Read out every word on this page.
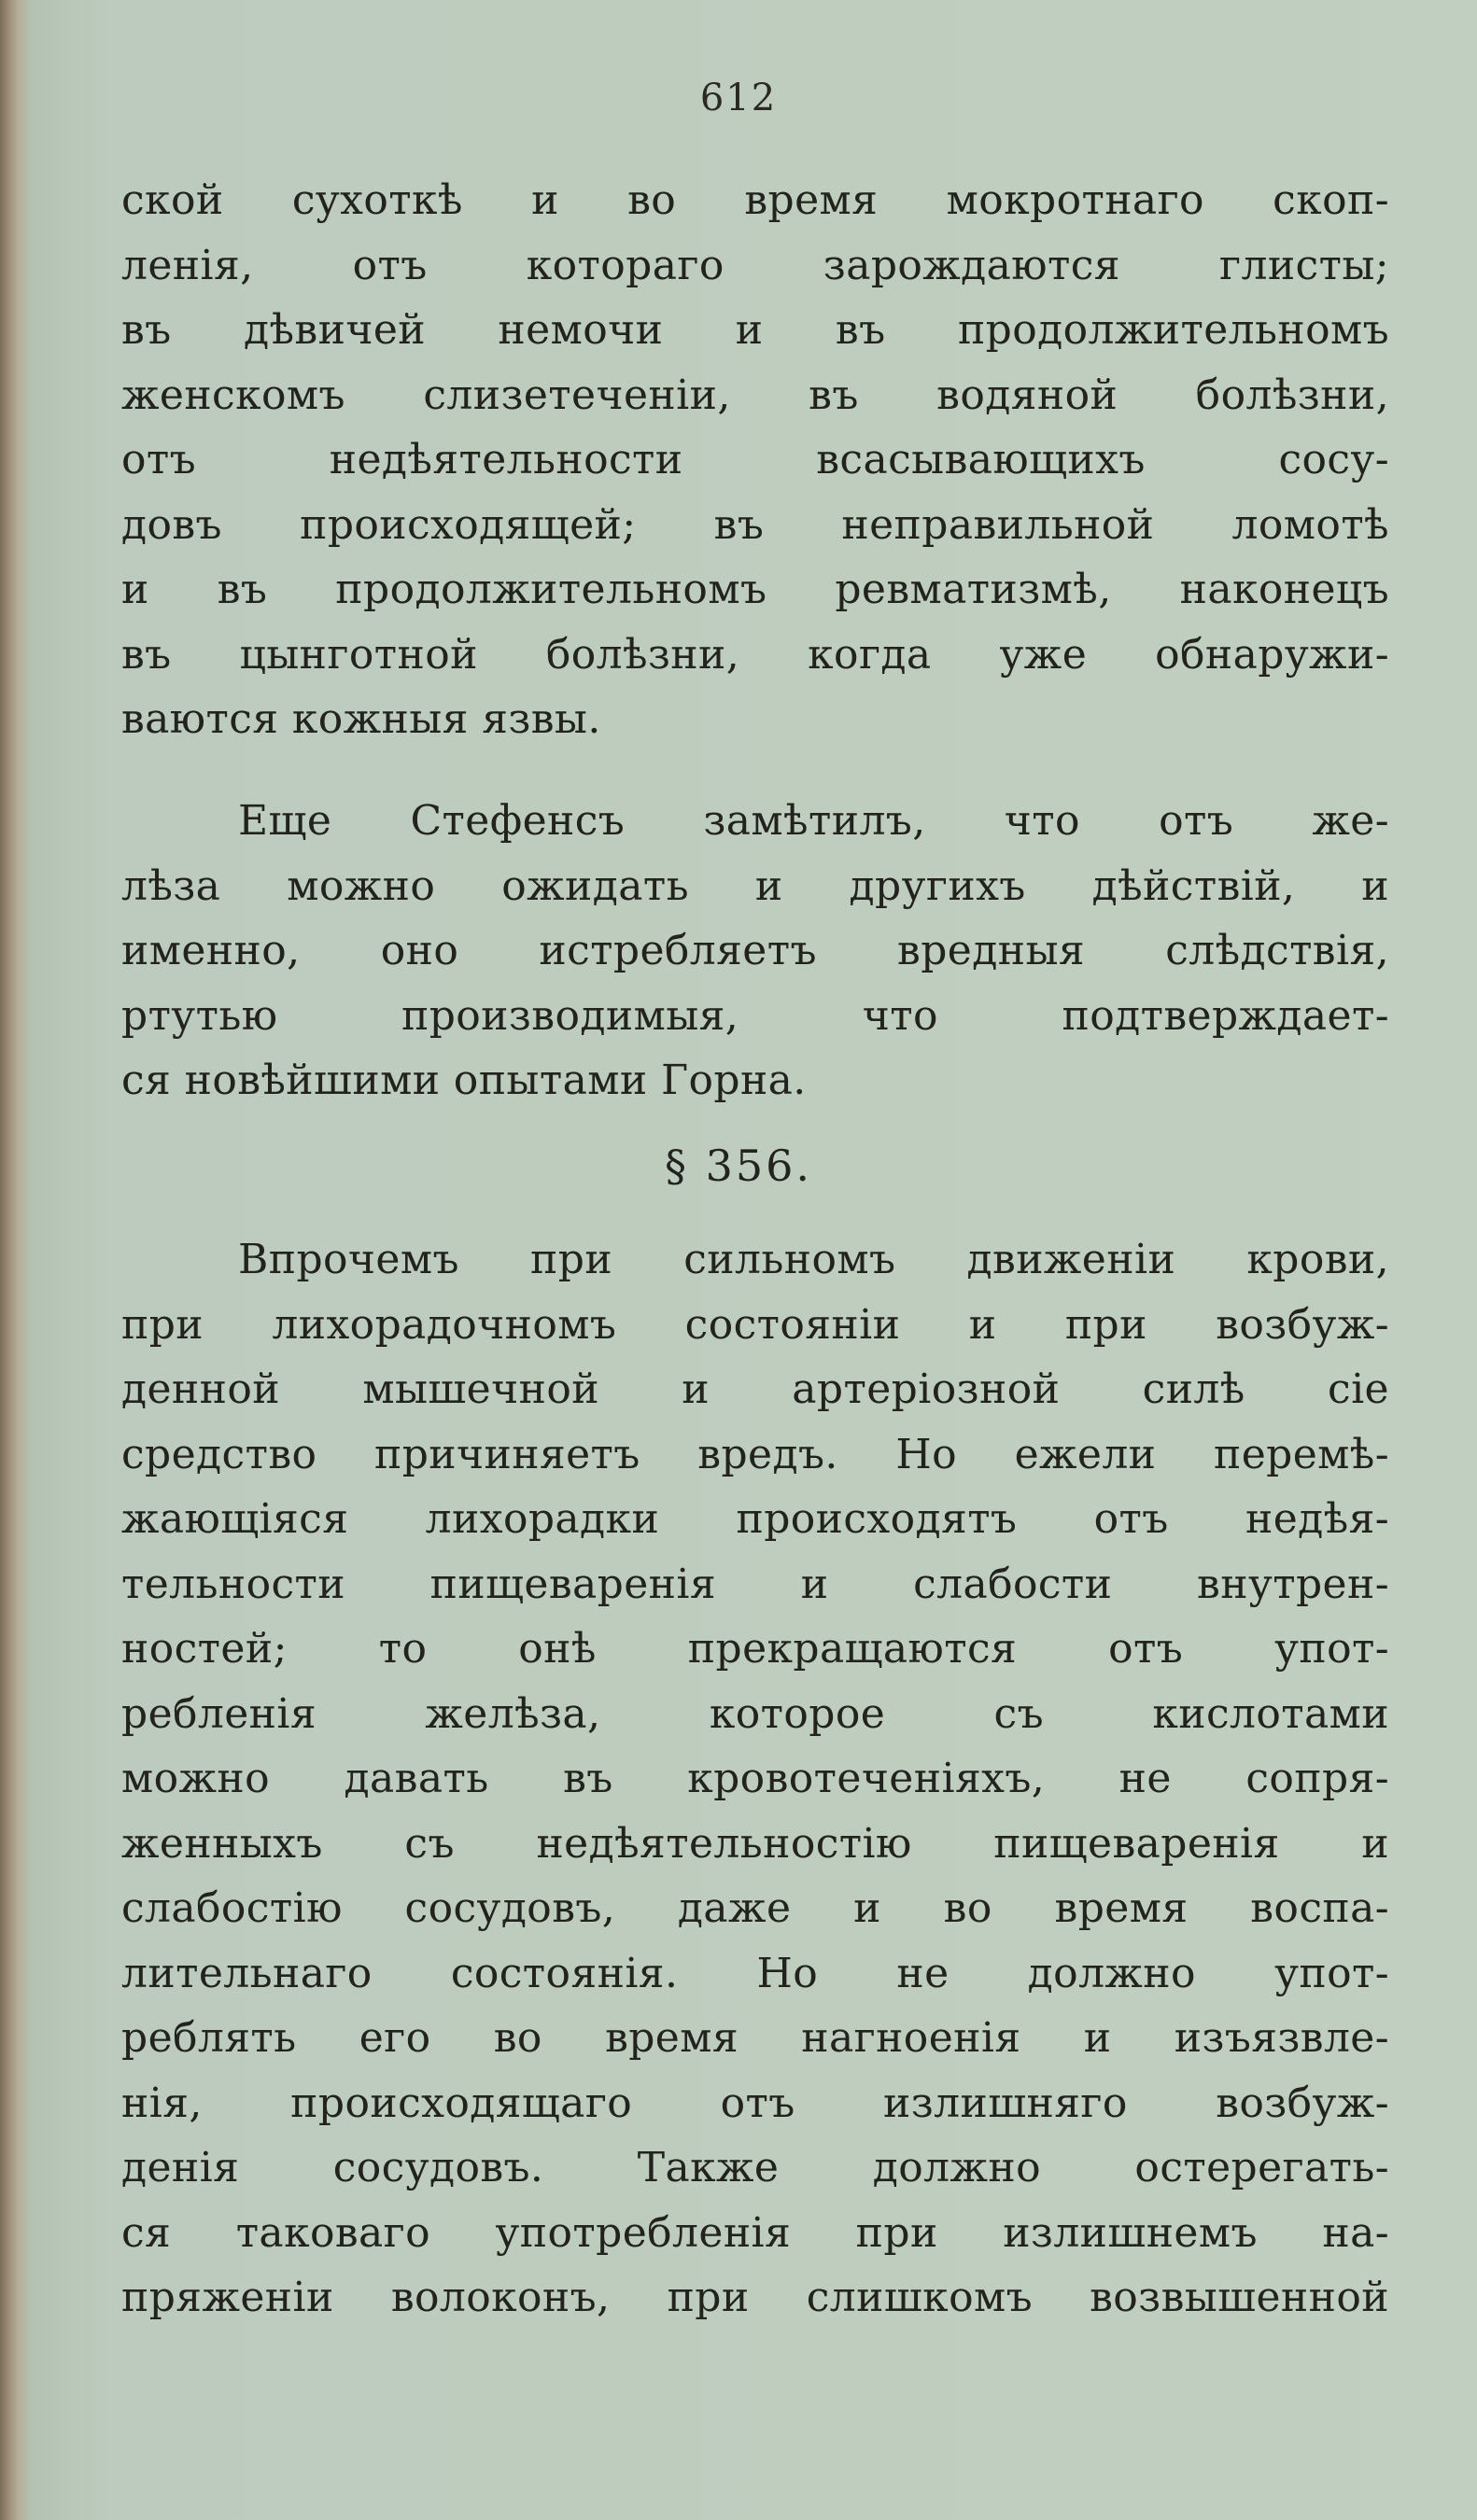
612
ской сухоткѣ и во время мокротнаго скоп-
ленія, отъ котораго зарождаются глисты;
въ дѣвичей немочи и въ продолжительномъ
женскомъ слизетеченіи, въ водяной болѣзни,
отъ недѣятельности всасывающихъ сосу-
довъ происходящей; въ неправильной ломотѣ
и въ продолжительномъ ревматизмѣ, наконецъ
въ цынготной болѣзни, когда уже обнаружи-
ваются кожныя язвы.
Еще Стефенсъ замѣтилъ, что отъ же-
лѣза можно ожидать и другихъ дѣйствій, и
именно, оно истребляетъ вредныя слѣдствія,
ртутью производимыя, что подтверждает-
ся новѣйшими опытами Горна.
§ 356.
Впрочемъ при сильномъ движеніи крови,
при лихорадочномъ состояніи и при возбуж-
денной мышечной и артеріозной силѣ сіе
средство причиняетъ вредъ. Но ежели перемѣ-
жающіяся лихорадки происходятъ отъ недѣя-
тельности пищеваренія и слабости внутрен-
ностей; то онѣ прекращаются отъ упот-
ребленія желѣза, которое съ кислотами
можно давать въ кровотеченіяхъ, не сопря-
женныхъ съ недѣятельностію пищеваренія и
слабостію сосудовъ, даже и во время воспа-
лительнаго состоянія. Но не должно упот-
реблять его во время нагноенія и изъязвле-
нія, происходящаго отъ излишняго возбуж-
денія сосудовъ. Также должно остерегать-
ся таковаго употребленія при излишнемъ на-
пряженіи волоконъ, при слишкомъ возвышенной
